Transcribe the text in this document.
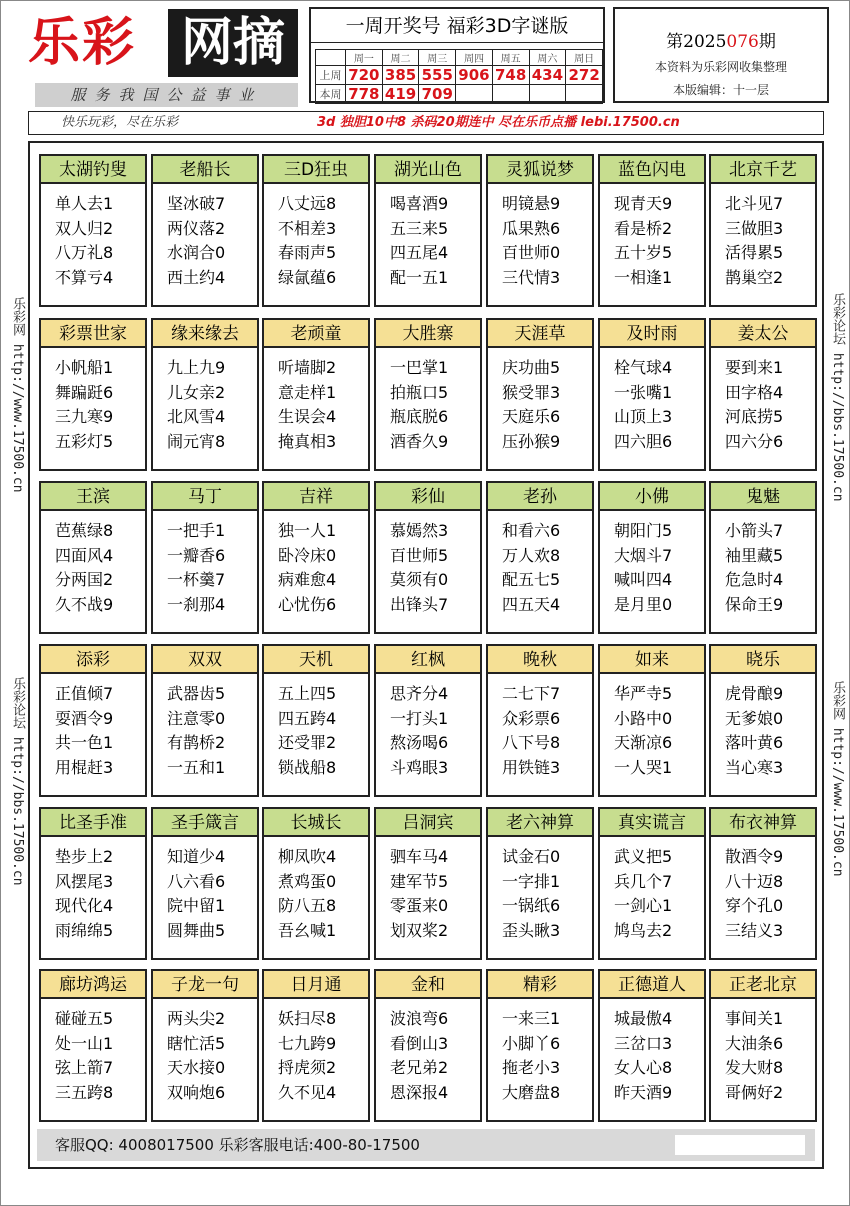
乐彩 网摘
服务我国公益事业
一周开奖号 福彩3D字谜版
	周一	周二	周三	周四	周五	周六	周日
上周	720	385	555	906	748	434	272
本周	778	419	709				
第2025076期
本资料为乐彩网收集整理
本版编辑：十一层
快乐玩彩，尽在乐彩	3d 独胆10中8 杀码20期连中 尽在乐币点播 lebi.17500.cn
乐彩网 http://www.17500.cn
乐彩论坛 http://bbs.17500.cn
乐彩论坛 http://bbs.17500.cn
乐彩网 http://www.17500.cn
太湖钓叟
单人去1
双人归2
八万礼8
不算亏4
老船长
坚冰破7
两仪落2
水润合0
西土约4
三D狂虫
八丈远8
不相差3
春雨声5
绿氤蕴6
湖光山色
喝喜酒9
五三来5
四五尾4
配一五1
灵狐说梦
明镜悬9
瓜果熟6
百世师0
三代情3
蓝色闪电
现青天9
看是桥2
五十岁5
一相逢1
北京千艺
北斗见7
三做胆3
活得累5
鹊巢空2
彩票世家
小帆船1
舞蹁跹6
三九寒9
五彩灯5
缘来缘去
九上九9
儿女亲2
北风雪4
闹元宵8
老顽童
听墙脚2
意走样1
生误会4
掩真相3
大胜寨
一巴掌1
拍瓶口5
瓶底脱6
酒香久9
天涯草
庆功曲5
猴受罪3
天庭乐6
压孙猴9
及时雨
栓气球4
一张嘴1
山顶上3
四六胆6
姜太公
要到来1
田字格4
河底捞5
四六分6
王滨
芭蕉绿8
四面风4
分两国2
久不战9
马丁
一把手1
一瓣香6
一杯羹7
一刹那4
吉祥
独一人1
卧冷床0
病难愈4
心忧伤6
彩仙
慕嫣然3
百世师5
莫须有0
出锋头7
老孙
和看六6
万人欢8
配五七5
四五天4
小佛
朝阳门5
大烟斗7
喊叫四4
是月里0
鬼魅
小箭头7
袖里藏5
危急时4
保命王9
添彩
正值倾7
耍酒令9
共一色1
用棍赶3
双双
武器齿5
注意零0
有鹊桥2
一五和1
天机
五上四5
四五跨4
还受罪2
锁战船8
红枫
思齐分4
一打头1
熬汤喝6
斗鸡眼3
晚秋
二七下7
众彩票6
八下号8
用铁链3
如来
华严寺5
小路中0
天渐凉6
一人哭1
晓乐
虎骨酿9
无爹娘0
落叶黄6
当心寒3
比圣手准
垫步上2
风摆尾3
现代化4
雨绵绵5
圣手箴言
知道少4
八六看6
院中留1
圆舞曲5
长城长
柳凤吹4
煮鸡蛋0
防八五8
吾幺喊1
吕洞宾
驷车马4
建军节5
零蛋来0
划双桨2
老六神算
试金石0
一字排1
一锅纸6
歪头瞅3
真实谎言
武义把5
兵几个7
一剑心1
鸠鸟去2
布衣神算
散酒令9
八十迈8
穿个孔0
三结义3
廊坊鸿运
碰碰五5
处一山1
弦上箭7
三五跨8
子龙一句
两头尖2
瞎忙活5
天水接0
双响炮6
日月通
妖扫尽8
七九跨9
捋虎须2
久不见4
金和
波浪弯6
看倒山3
老兄弟2
恩深报4
精彩
一来三1
小脚丫6
拖老小3
大磨盘8
正德道人
城最傲4
三岔口3
女人心8
昨天酒9
正老北京
事间关1
大油条6
发大财8
哥俩好2
客服QQ: 4008017500 乐彩客服电话:400-80-17500
